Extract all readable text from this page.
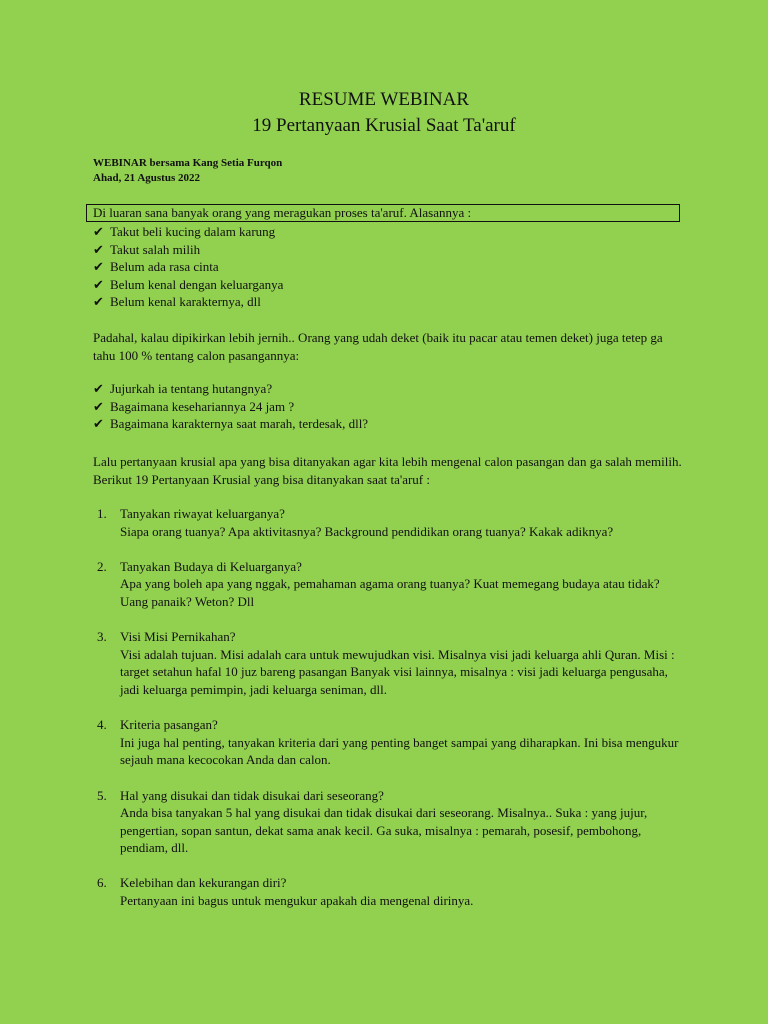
RESUME WEBINAR
19 Pertanyaan Krusial Saat Ta'aruf
WEBINAR bersama Kang Setia Furqon
Ahad, 21 Agustus 2022
Di luaran sana banyak orang yang meragukan proses ta'aruf. Alasannya :
✔ Takut beli kucing dalam karung
✔ Takut salah milih
✔ Belum ada rasa cinta
✔ Belum kenal dengan keluarganya
✔ Belum kenal karakternya, dll

Padahal, kalau dipikirkan lebih jernih.. Orang yang udah deket (baik itu pacar atau temen deket) juga tetep ga tahu 100 % tentang calon pasangannya:

✔ Jujurkah ia tentang hutangnya?
✔ Bagaimana kesehariannya 24 jam ?
✔ Bagaimana karakternya saat marah, terdesak, dll?

Lalu pertanyaan krusial apa yang bisa ditanyakan agar kita lebih mengenal calon pasangan dan ga salah memilih. Berikut 19 Pertanyaan Krusial yang bisa ditanyakan saat ta'aruf :

1. Tanyakan riwayat keluarganya?
Siapa orang tuanya? Apa aktivitasnya? Background pendidikan orang tuanya? Kakak adiknya?
2. Tanyakan Budaya di Keluarganya?
Apa yang boleh apa yang nggak, pemahaman agama orang tuanya? Kuat memegang budaya atau tidak? Uang panaik? Weton? Dll
3. Visi Misi Pernikahan?
Visi adalah tujuan. Misi adalah cara untuk mewujudkan visi. Misalnya visi jadi keluarga ahli Quran. Misi : target setahun hafal 10 juz bareng pasangan Banyak visi lainnya, misalnya : visi jadi keluarga pengusaha, jadi keluarga pemimpin, jadi keluarga seniman, dll.
4. Kriteria pasangan?
Ini juga hal penting, tanyakan kriteria dari yang penting banget sampai yang diharapkan. Ini bisa mengukur sejauh mana kecocokan Anda dan calon.
5. Hal yang disukai dan tidak disukai dari seseorang?
Anda bisa tanyakan 5 hal yang disukai dan tidak disukai dari seseorang. Misalnya.. Suka : yang jujur, pengertian, sopan santun, dekat sama anak kecil. Ga suka, misalnya : pemarah, posesif, pembohong, pendiam, dll.
6. Kelebihan dan kekurangan diri?
Pertanyaan ini bagus untuk mengukur apakah dia mengenal dirinya.
